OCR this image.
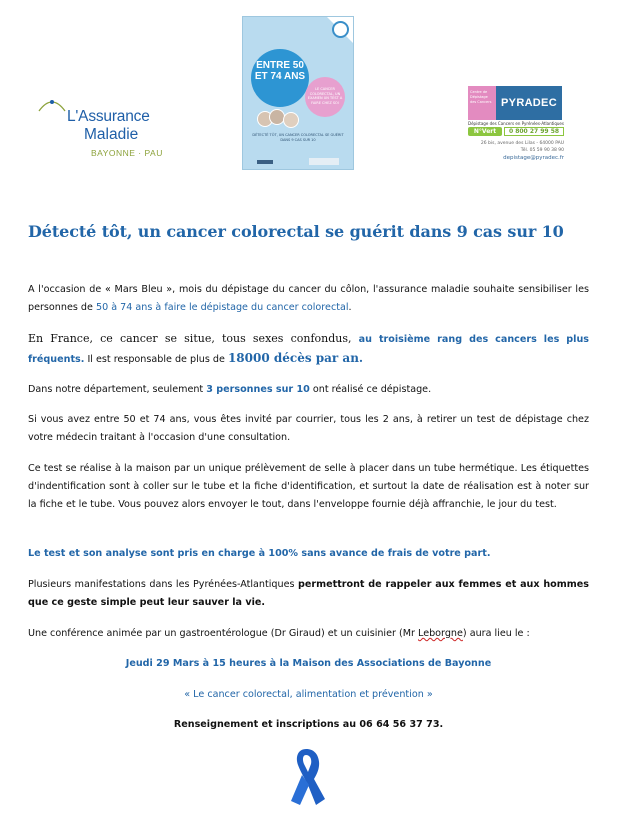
L'Assurance
Maladie
BAYONNE · PAU
ENTRE 50 ET 74 ANS
LE CANCER COLORECTAL, UN EXAMEN UN TEST A FAIRE CHEZ SOI
DÉTECTÉ TÔT, UN CANCER COLORECTAL SE GUÉRIT DANS 9 CAS SUR 10
Centre de Dépistage des Cancers PYRADEC
Dépistage des Cancers en Pyrénées-Atlantiques
N°Vert	0 800 27 99 58
26 bis, avenue des Lilas - 64000 PAU
Tél. 05 59 90 38 90
depistage@pyradec.fr
Détecté tôt, un cancer colorectal se guérit dans 9 cas sur 10
A l'occasion de « Mars Bleu », mois du dépistage du cancer du côlon, l'assurance maladie souhaite sensibiliser les personnes de 50 à 74 ans à faire le dépistage du cancer colorectal.
En France, ce cancer se situe, tous sexes confondus, au troisième rang des cancers les plus fréquents. Il est responsable de plus de 18000 décès par an.
Dans notre département, seulement 3 personnes sur 10 ont réalisé ce dépistage.
Si vous avez entre 50 et 74 ans, vous êtes invité par courrier, tous les 2 ans, à retirer un test de dépistage chez votre médecin traitant à l'occasion d'une consultation.
Ce test se réalise à la maison par un unique prélèvement de selle à placer dans un tube hermétique. Les étiquettes d'indentification sont à coller sur le tube et la fiche d'identification, et surtout la date de réalisation est à noter sur la fiche et le tube. Vous pouvez alors envoyer le tout, dans l'enveloppe fournie déjà affranchie, le jour du test.
Le test et son analyse sont pris en charge à 100% sans avance de frais de votre part.
Plusieurs manifestations dans les Pyrénées-Atlantiques permettront de rappeler aux femmes et aux hommes que ce geste simple peut leur sauver la vie.
Une conférence animée par un gastroentérologue (Dr Giraud) et un cuisinier (Mr Leborgne) aura lieu le :
Jeudi 29 Mars à 15 heures à la Maison des Associations de Bayonne
« Le cancer colorectal, alimentation et prévention »
Renseignement et inscriptions au 06 64 56 37 73.
